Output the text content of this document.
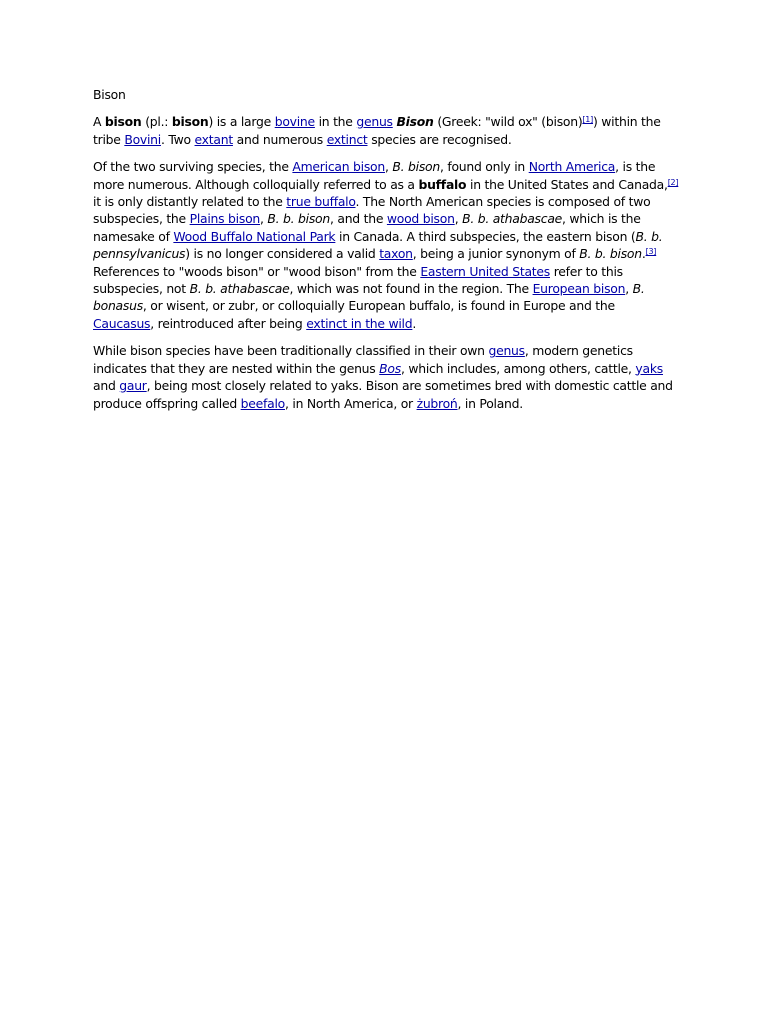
Bison

A bison (pl.: bison) is a large bovine in the genus Bison (Greek: "wild ox" (bison)[1]) within the tribe Bovini. Two extant and numerous extinct species are recognised.

Of the two surviving species, the American bison, B. bison, found only in North America, is the more numerous. Although colloquially referred to as a buffalo in the United States and Canada,[2] it is only distantly related to the true buffalo. The North American species is composed of two subspecies, the Plains bison, B. b. bison, and the wood bison, B. b. athabascae, which is the namesake of Wood Buffalo National Park in Canada. A third subspecies, the eastern bison (B. b. pennsylvanicus) is no longer considered a valid taxon, being a junior synonym of B. b. bison.[3] References to "woods bison" or "wood bison" from the Eastern United States refer to this subspecies, not B. b. athabascae, which was not found in the region. The European bison, B. bonasus, or wisent, or zubr, or colloquially European buffalo, is found in Europe and the Caucasus, reintroduced after being extinct in the wild.

While bison species have been traditionally classified in their own genus, modern genetics indicates that they are nested within the genus Bos, which includes, among others, cattle, yaks and gaur, being most closely related to yaks. Bison are sometimes bred with domestic cattle and produce offspring called beefalo, in North America, or żubroń, in Poland.
